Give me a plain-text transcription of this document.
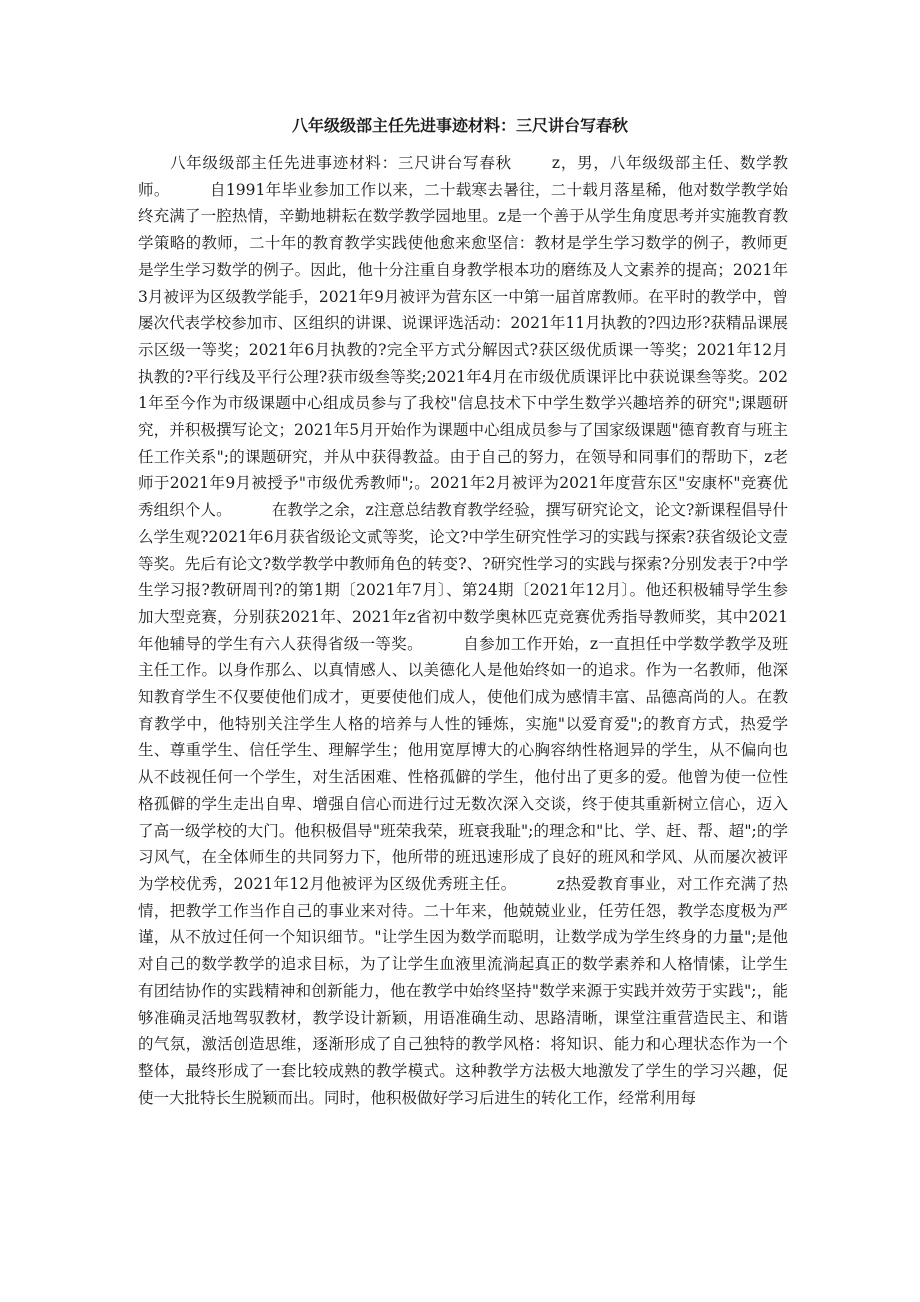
八年级级部主任先进事迹材料：三尺讲台写春秋

八年级级部主任先进事迹材料：三尺讲台写春秋	z，男，八年级级部主任、数学教师。	自1991年毕业参加工作以来，二十载寒去暑往，二十载月落星稀，他对数学教学始终充满了一腔热情，辛勤地耕耘在数学教学园地里。z是一个善于从学生角度思考并实施教育教学策略的教师，二十年的教育教学实践使他愈来愈坚信：教材是学生学习数学的例子，教师更是学生学习数学的例子。因此，他十分注重自身教学根本功的磨练及人文素养的提高；2021年3月被评为区级教学能手，2021年9月被评为营东区一中第一届首席教师。在平时的教学中，曾屡次代表学校参加市、区组织的讲课、说课评选活动：2021年11月执教的?四边形?获精品课展示区级一等奖；2021年6月执教的?完全平方式分解因式?获区级优质课一等奖；2021年12月执教的?平行线及平行公理?获市级叁等奖;2021年4月在市级优质课评比中获说课叁等奖。2021年至今作为市级课题中心组成员参与了我校"信息技术下中学生数学兴趣培养的研究";课题研究，并积极撰写论文；2021年5月开始作为课题中心组成员参与了国家级课题"德育教育与班主任工作关系";的课题研究，并从中获得教益。由于自己的努力，在领导和同事们的帮助下，z老师于2021年9月被授予"市级优秀教师";。2021年2月被评为2021年度营东区"安康杯"竞赛优秀组织个人。	在教学之余，z注意总结教育教学经验，撰写研究论文，论文?新课程倡导什么学生观?2021年6月获省级论文贰等奖，论文?中学生研究性学习的实践与探索?获省级论文壹等奖。先后有论文?数学教学中教师角色的转变?、?研究性学习的实践与探索?分别发表于?中学生学习报?教研周刊?的第1期〔2021年7月〕、第24期〔2021年12月〕。他还积极辅导学生参加大型竞赛，分别获2021年、2021年z省初中数学奥林匹克竞赛优秀指导教师奖，其中2021年他辅导的学生有六人获得省级一等奖。	自参加工作开始，z一直担任中学数学教学及班主任工作。以身作那么、以真情感人、以美德化人是他始终如一的追求。作为一名教师，他深知教育学生不仅要使他们成才，更要使他们成人，使他们成为感情丰富、品德高尚的人。在教育教学中，他特别关注学生人格的培养与人性的锤炼，实施"以爱育爱";的教育方式，热爱学生、尊重学生、信任学生、理解学生；他用宽厚博大的心胸容纳性格迥异的学生，从不偏向也从不歧视任何一个学生，对生活困难、性格孤僻的学生，他付出了更多的爱。他曾为使一位性格孤僻的学生走出自卑、增强自信心而进行过无数次深入交谈，终于使其重新树立信心，迈入了高一级学校的大门。他积极倡导"班荣我荣，班衰我耻";的理念和"比、学、赶、帮、超";的学习风气，在全体师生的共同努力下，他所带的班迅速形成了良好的班风和学风、从而屡次被评为学校优秀，2021年12月他被评为区级优秀班主任。	z热爱教育事业，对工作充满了热情，把教学工作当作自己的事业来对待。二十年来，他兢兢业业，任劳任怨，教学态度极为严谨，从不放过任何一个知识细节。"让学生因为数学而聪明，让数学成为学生终身的力量";是他对自己的数学教学的追求目标，为了让学生血液里流淌起真正的数学素养和人格情愫，让学生有团结协作的实践精神和创新能力，他在教学中始终坚持"数学来源于实践并效劳于实践";，能够准确灵活地驾驭教材，教学设计新颖，用语准确生动、思路清晰，课堂注重营造民主、和谐的气氛，激活创造思维，逐渐形成了自己独特的教学风格：将知识、能力和心理状态作为一个整体，最终形成了一套比较成熟的教学模式。这种教学方法极大地激发了学生的学习兴趣，促使一大批特长生脱颖而出。同时，他积极做好学习后进生的转化工作，经常利用每
